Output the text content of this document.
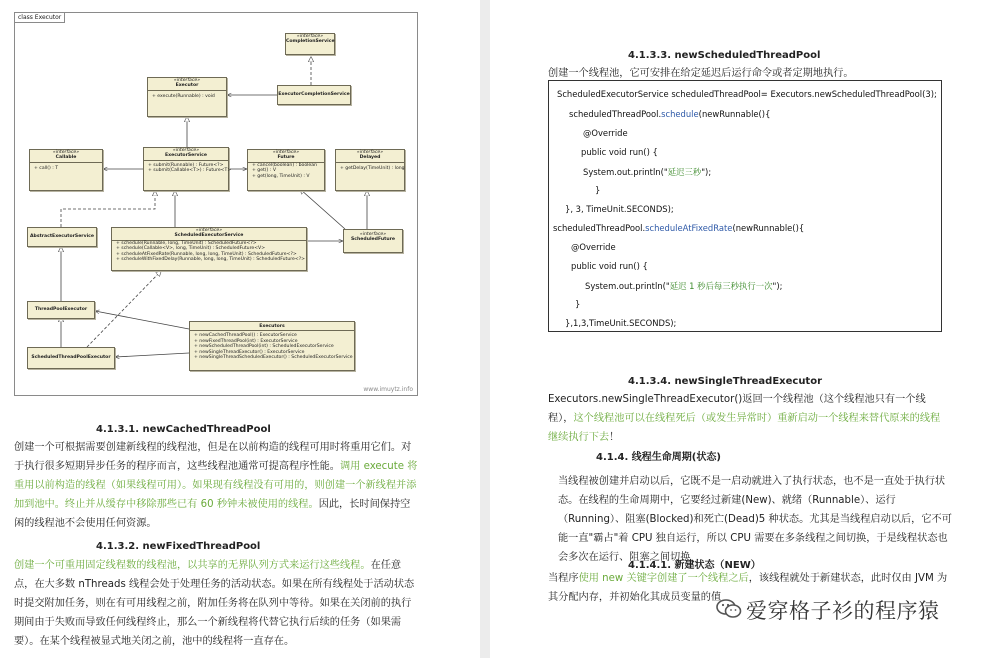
class Executor
«interface»
CompletionService
«interface»
Executor
+ execute(Runnable) : void	ExecutorCompletionService
«interface»
Callable
+ call() : T
«interface»
ExecutorService
+ submit(Runnable) : Future<?>
+ submit(Callable<T>) : Future<T>
«interface»
Future
+ cancel(boolean) : boolean
+ get() : V
+ get(long, TimeUnit) : V
«interface»
Delayed
+ getDelay(TimeUnit) : long
AbstractExecutorService
«interface»
ScheduledExecutorService
+ schedule(Runnable, long, TimeUnit) : ScheduledFuture<?>
+ schedule(Callable<V>, long, TimeUnit) : ScheduledFuture<V>
+ scheduleAtFixedRate(Runnable, long, long, TimeUnit) : ScheduledFuture<?>
+ scheduleWithFixedDelay(Runnable, long, long, TimeUnit) : ScheduledFuture<?>
«interface»
ScheduledFuture
ThreadPoolExecutor
Executors
+ newCachedThreadPool() : ExecutorService
+ newFixedThreadPool(int) : ExecutorService
+ newScheduledThreadPool(int) : ScheduledExecutorService
+ newSingleThreadExecutor() : ExecutorService
+ newSingleThreadScheduledExecutor() : ScheduledExecutorService
ScheduledThreadPoolExecutor
www.imuytz.info
4.1.3.1. newCachedThreadPool
创建一个可根据需要创建新线程的线程池，但是在以前构造的线程可用时将重用它们。对于执行很多短期异步任务的程序而言，这些线程池通常可提高程序性能。调用 execute 将重用以前构造的线程（如果线程可用）。如果现有线程没有可用的，则创建一个新线程并添加到池中。终止并从缓存中移除那些已有 60 秒钟未被使用的线程。因此，长时间保持空闲的线程池不会使用任何资源。
4.1.3.2. newFixedThreadPool
创建一个可重用固定线程数的线程池，以共享的无界队列方式来运行这些线程。在任意点，在大多数 nThreads 线程会处于处理任务的活动状态。如果在所有线程处于活动状态时提交附加任务，则在有可用线程之前，附加任务将在队列中等待。如果在关闭前的执行期间由于失败而导致任何线程终止，那么一个新线程将代替它执行后续的任务（如果需要）。在某个线程被显式地关闭之前，池中的线程将一直存在。
4.1.3.3. newScheduledThreadPool
创建一个线程池，它可安排在给定延迟后运行命令或者定期地执行。
ScheduledExecutorService scheduledThreadPool= Executors.newScheduledThreadPool(3);
scheduledThreadPool.schedule(newRunnable(){
@Override
public void run() {
System.out.println("延迟三秒");
}
}, 3, TimeUnit.SECONDS);
scheduledThreadPool.scheduleAtFixedRate(newRunnable(){
@Override
public void run() {
System.out.println("延迟 1 秒后每三秒执行一次");
}
},1,3,TimeUnit.SECONDS);
4.1.3.4. newSingleThreadExecutor
Executors.newSingleThreadExecutor()返回一个线程池（这个线程池只有一个线程），这个线程池可以在线程死后（或发生异常时）重新启动一个线程来替代原来的线程继续执行下去！
4.1.4. 线程生命周期(状态)
当线程被创建并启动以后，它既不是一启动就进入了执行状态，也不是一直处于执行状态。在线程的生命周期中，它要经过新建(New)、就绪（Runnable）、运行（Running）、阻塞(Blocked)和死亡(Dead)5 种状态。尤其是当线程启动以后，它不可能一直"霸占"着 CPU 独自运行，所以 CPU 需要在多条线程之间切换，于是线程状态也会多次在运行、阻塞之间切换
4.1.4.1. 新建状态（NEW）
当程序使用 new 关键字创建了一个线程之后，该线程就处于新建状态，此时仅由 JVM 为其分配内存，并初始化其成员变量的值
爱穿格子衫的程序猿
